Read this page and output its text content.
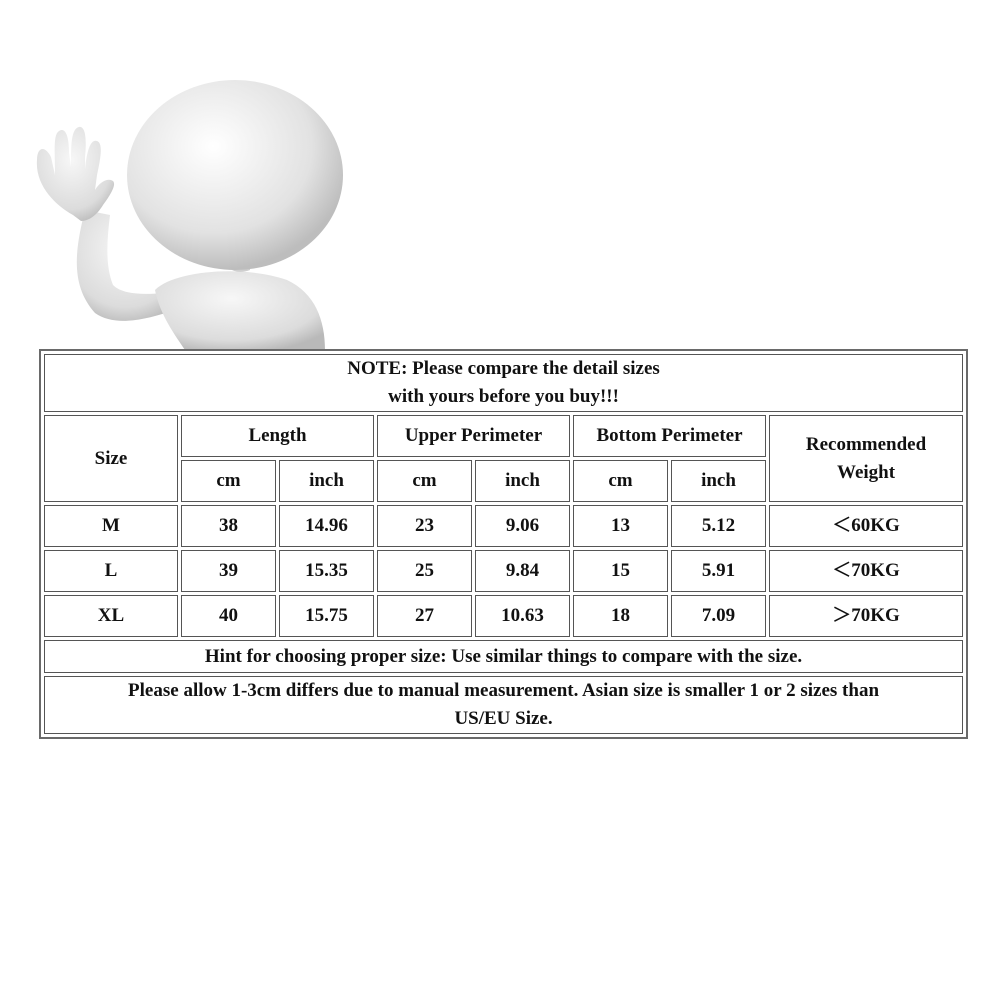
NOTE: Please compare the detail sizes
with yours before you buy!!!							

Size	Length		Upper Perimeter		Bottom Perimeter		Recommended
Weight

	cm	inch	cm	inch	cm	inch	
M	38	14.96	23	9.06	13	5.12	＜60KG
L	39	15.35	25	9.84	15	5.91	＜70KG
XL	40	15.75	27	10.63	18	7.09	＞70KG
Hint for choosing proper size: Use similar things to compare with the size.							

Please allow 1-3cm differs due to manual measurement. Asian size is smaller 1 or 2 sizes than
US/EU Size.							
